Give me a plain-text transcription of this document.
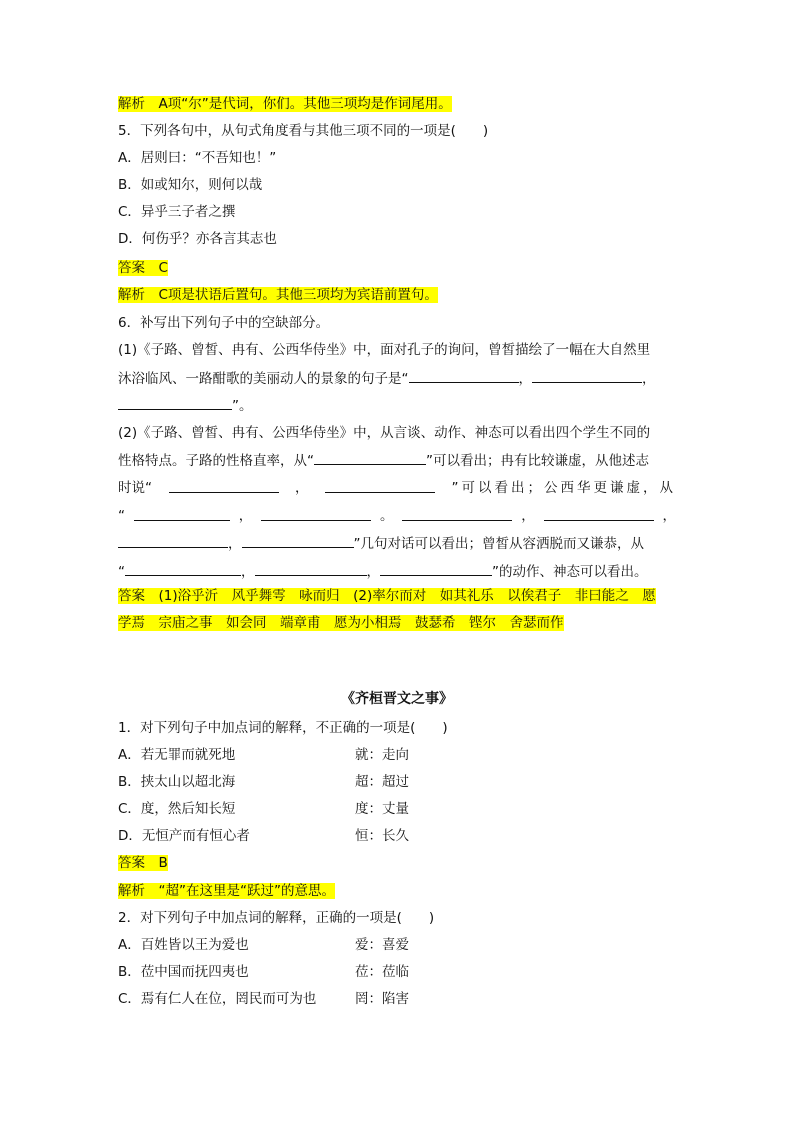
解析　A项“尔”是代词，你们。其他三项均是作词尾用。
5．下列各句中，从句式角度看与其他三项不同的一项是(　　)
A．居则曰：“不吾知也！”
B．如或知尔，则何以哉
C．异乎三子者之撰
D．何伤乎？亦各言其志也
答案　C
解析　C项是状语后置句。其他三项均为宾语前置句。
6．补写出下列句子中的空缺部分。
(1)《子路、曾皙、冉有、公西华侍坐》中，面对孔子的询问，曾皙描绘了一幅在大自然里
沐浴临风、一路酣歌的美丽动人的景象的句子是“	，	，
”。
(2)《子路、曾皙、冉有、公西华侍坐》中，从言谈、动作、神态可以看出四个学生不同的
性格特点。子路的性格直率，从“	”可以看出；冉有比较谦虚，从他述志
时说“	，	”可以看出；公西华更谦虚，从
“	，	。	，	，
，	”几句对话可以看出；曾皙从容洒脱而又谦恭，从
“	，	，	”的动作、神态可以看出。
答案　(1)浴乎沂　风乎舞雩　咏而归　(2)率尔而对　如其礼乐　以俟君子　非曰能之　愿
学焉　宗庙之事　如会同　端章甫　愿为小相焉　鼓瑟希　铿尔　舍瑟而作
《齐桓晋文之事》
1．对下列句子中加点词的解释，不正确的一项是(　　)
A．若无罪而就死地	就：走向
B．挟太山以超北海	超：超过
C．度，然后知长短	度：丈量
D．无恒产而有恒心者	恒：长久
答案　B
解析　“超”在这里是“跃过”的意思。
2．对下列句子中加点词的解释，正确的一项是(　　)
A．百姓皆以王为爱也	爱：喜爱
B．莅中国而抚四夷也	莅：莅临
C．焉有仁人在位，罔民而可为也	罔：陷害
